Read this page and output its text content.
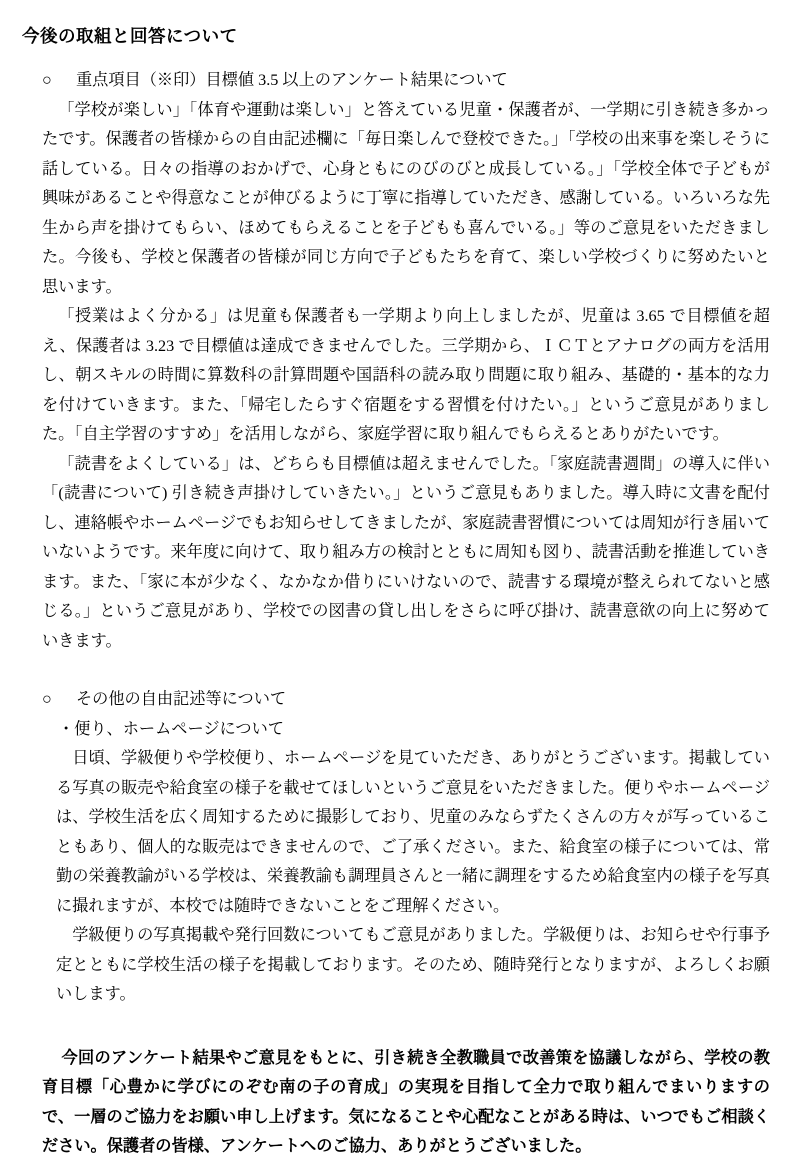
今後の取組と回答について
○	重点項目（※印）目標値 3.5 以上のアンケート結果について

「学校が楽しい」「体育や運動は楽しい」と答えている児童・保護者が、一学期に引き続き多かったです。保護者の皆様からの自由記述欄に「毎日楽しんで登校できた。」「学校の出来事を楽しそうに話している。日々の指導のおかげで、心身ともにのびのびと成長している。」「学校全体で子どもが興味があることや得意なことが伸びるように丁寧に指導していただき、感謝している。いろいろな先生から声を掛けてもらい、ほめてもらえることを子どもも喜んでいる。」等のご意見をいただきました。今後も、学校と保護者の皆様が同じ方向で子どもたちを育て、楽しい学校づくりに努めたいと思います。

「授業はよく分かる」は児童も保護者も一学期より向上しましたが、児童は 3.65 で目標値を超え、保護者は 3.23 で目標値は達成できませんでした。三学期から、ＩＣＴとアナログの両方を活用し、朝スキルの時間に算数科の計算問題や国語科の読み取り問題に取り組み、基礎的・基本的な力を付けていきます。また、「帰宅したらすぐ宿題をする習慣を付けたい。」というご意見がありました。「自主学習のすすめ」を活用しながら、家庭学習に取り組んでもらえるとありがたいです。

「読書をよくしている」は、どちらも目標値は超えませんでした。「家庭読書週間」の導入に伴い「(読書について) 引き続き声掛けしていきたい。」というご意見もありました。導入時に文書を配付し、連絡帳やホームページでもお知らせしてきましたが、家庭読書習慣については周知が行き届いていないようです。来年度に向けて、取り組み方の検討とともに周知も図り、読書活動を推進していきます。また、「家に本が少なく、なかなか借りにいけないので、読書する環境が整えられてないと感じる。」というご意見があり、学校での図書の貸し出しをさらに呼び掛け、読書意欲の向上に努めていきます。

○	その他の自由記述等について
・便り、ホームページについて

日頃、学級便りや学校便り、ホームページを見ていただき、ありがとうございます。掲載している写真の販売や給食室の様子を載せてほしいというご意見をいただきました。便りやホームページは、学校生活を広く周知するために撮影しており、児童のみならずたくさんの方々が写っていることもあり、個人的な販売はできませんので、ご了承ください。また、給食室の様子については、常勤の栄養教諭がいる学校は、栄養教諭も調理員さんと一緒に調理をするため給食室内の様子を写真に撮れますが、本校では随時できないことをご理解ください。

学級便りの写真掲載や発行回数についてもご意見がありました。学級便りは、お知らせや行事予定とともに学校生活の様子を掲載しております。そのため、随時発行となりますが、よろしくお願いします。

今回のアンケート結果やご意見をもとに、引き続き全教職員で改善策を協議しながら、学校の教育目標「心豊かに学びにのぞむ南の子の育成」の実現を目指して全力で取り組んでまいりますので、一層のご協力をお願い申し上げます。気になることや心配なことがある時は、いつでもご相談ください。保護者の皆様、アンケートへのご協力、ありがとうございました。
